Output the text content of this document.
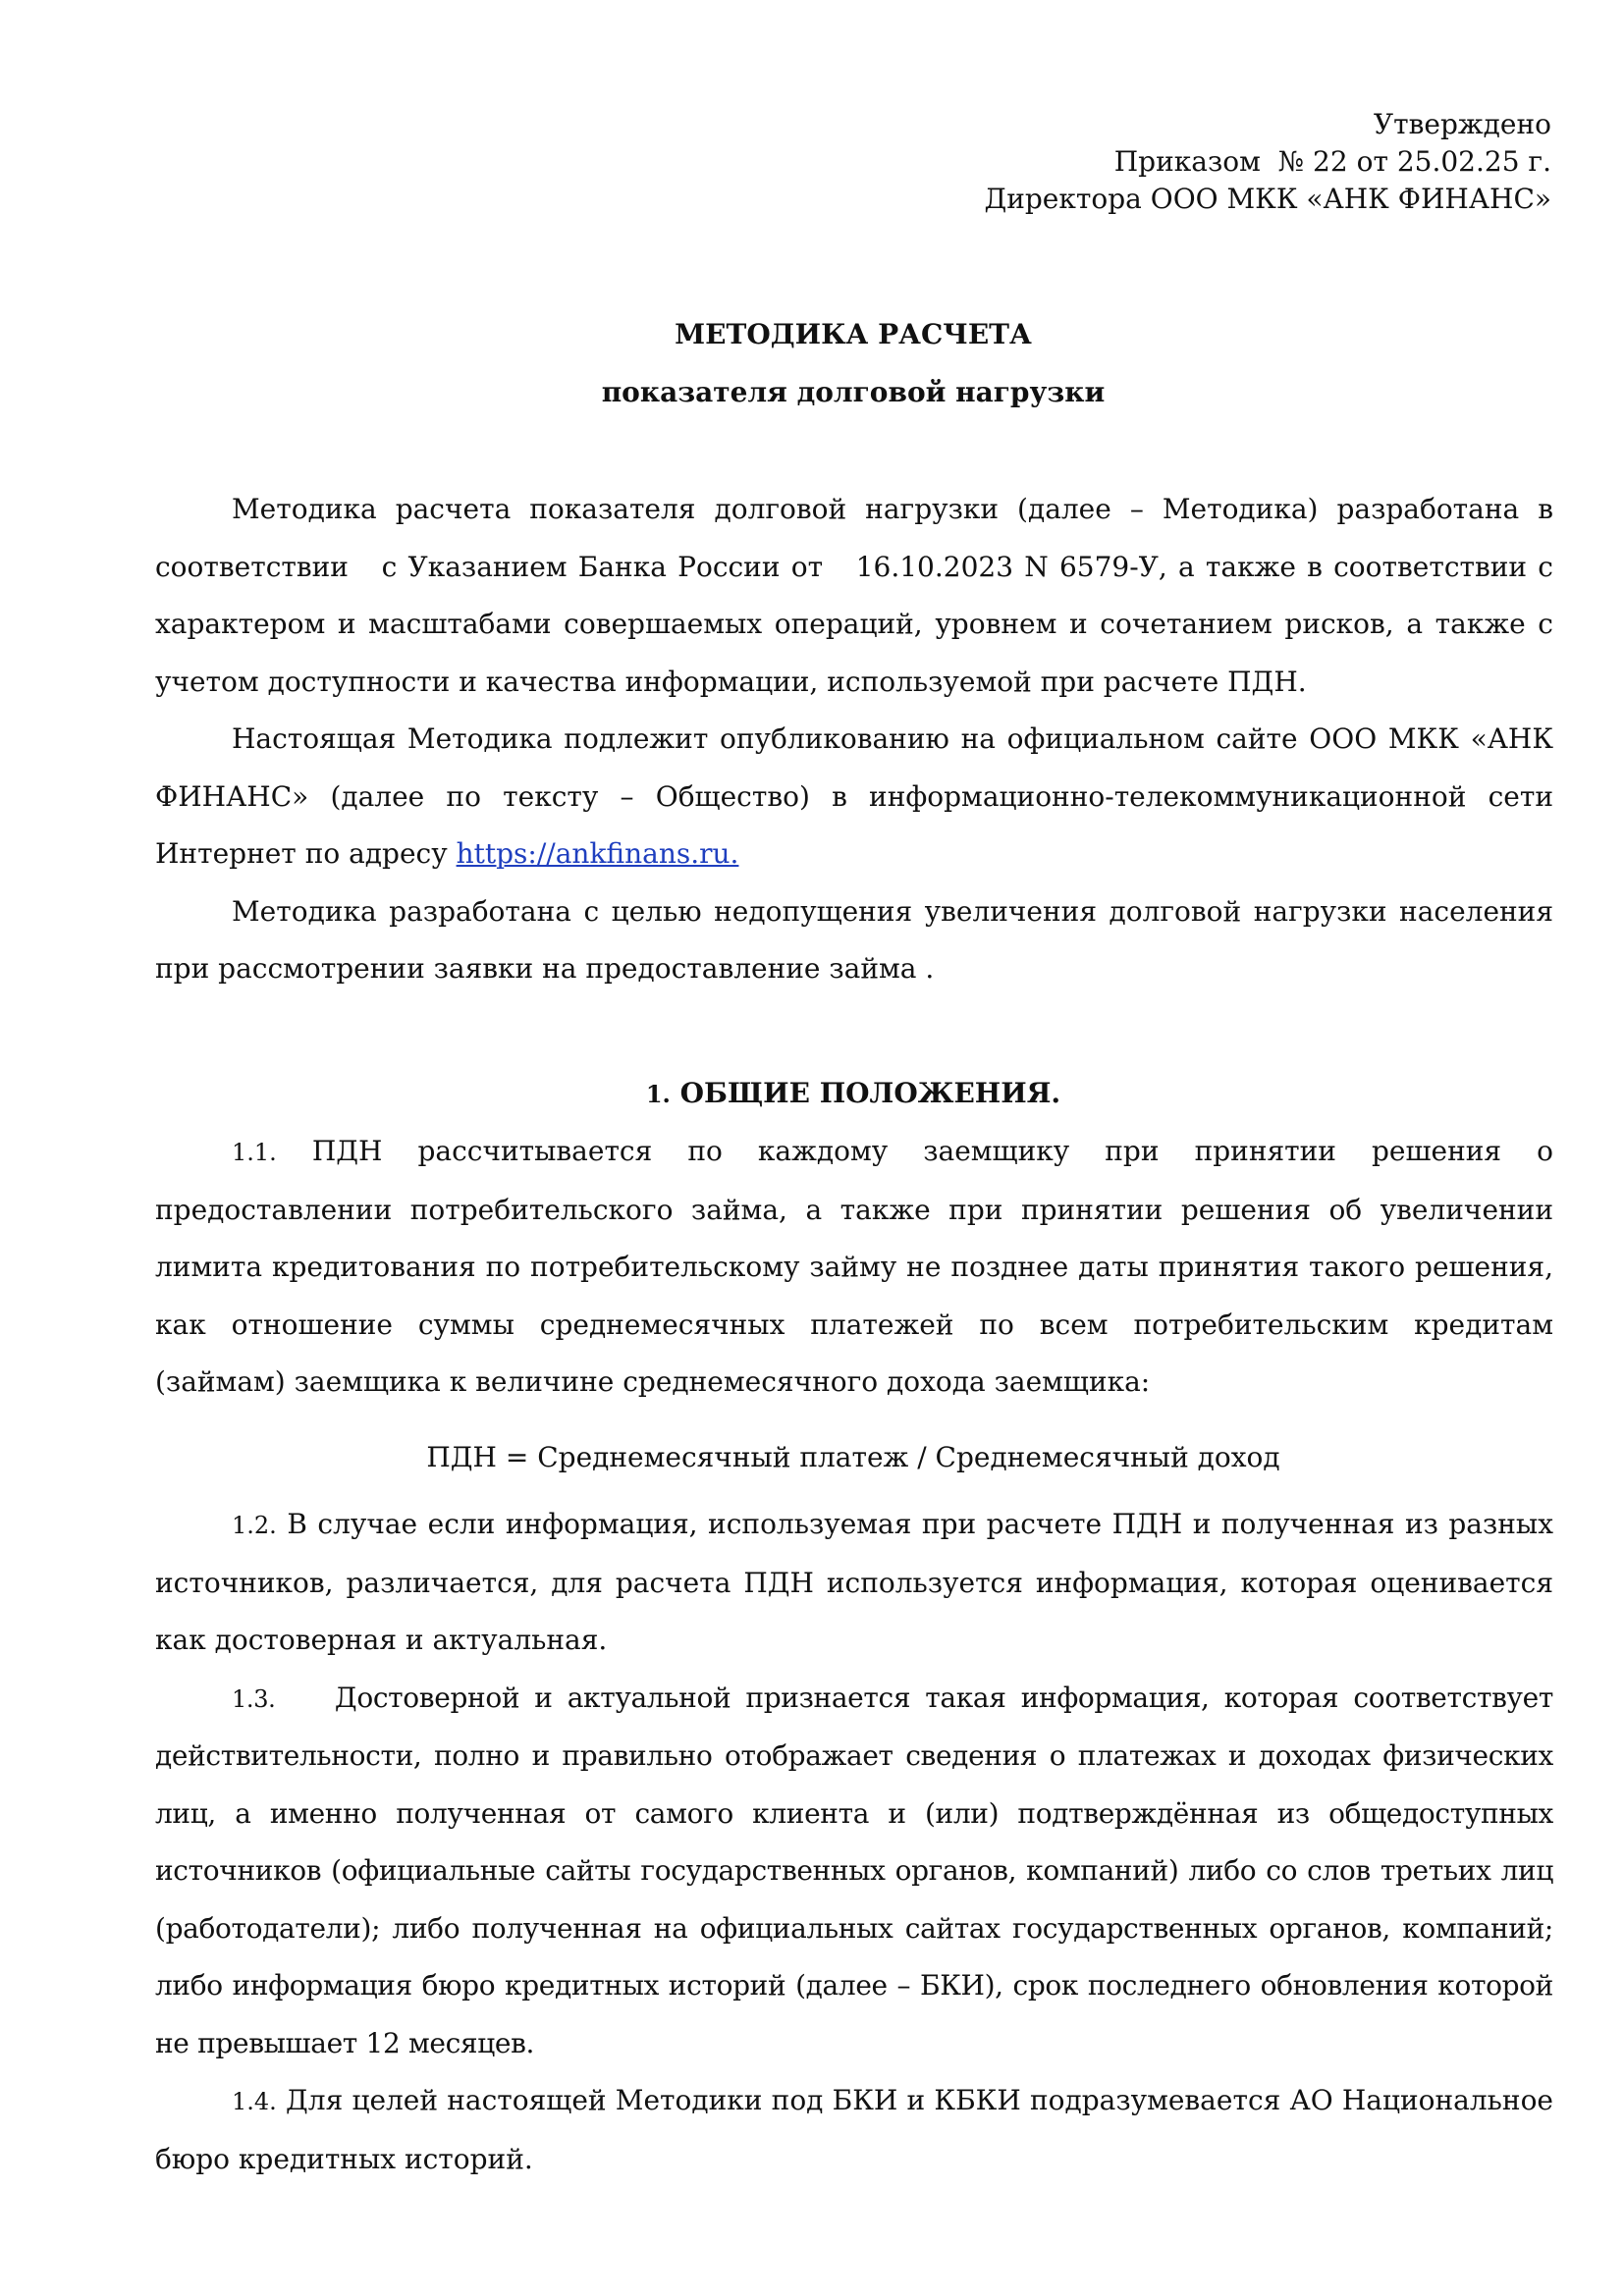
Утверждено
Приказом  № 22 от 25.02.25 г.
Директора ООО МКК «АНК ФИНАНС»
МЕТОДИКА РАСЧЕТА
показателя долговой нагрузки

Методика расчета показателя долговой нагрузки (далее – Методика) разработана в соответствии   с Указанием Банка России от   16.10.2023 N 6579-У, а также в соответствии с характером и масштабами совершаемых операций, уровнем и сочетанием рисков, а также с учетом доступности и качества информации, используемой при расчете ПДН.

Настоящая Методика подлежит опубликованию на официальном сайте ООО МКК «АНК ФИНАНС» (далее по тексту – Общество) в информационно-телекоммуникационной сети Интернет по адресу https://ankfinans.ru.

Методика разработана с целью недопущения увеличения долговой нагрузки населения при рассмотрении заявки на предоставление займа .

1. ОБЩИЕ ПОЛОЖЕНИЯ.

1.1. ПДН рассчитывается по каждому заемщику при принятии решения о предоставлении потребительского займа, а также при принятии решения об увеличении лимита кредитования по потребительскому займу не позднее даты принятия такого решения, как отношение суммы среднемесячных платежей по всем потребительским кредитам (займам) заемщика к величине среднемесячного дохода заемщика:

ПДН = Среднемесячный платеж / Среднемесячный доход

1.2. В случае если информация, используемая при расчете ПДН и полученная из разных источников, различается, для расчета ПДН используется информация, которая оценивается как достоверная и актуальная.

1.3. Достоверной и актуальной признается такая информация, которая соответствует действительности, полно и правильно отображает сведения о платежах и доходах физических лиц, а именно полученная от самого клиента и (или) подтверждённая из общедоступных источников (официальные сайты государственных органов, компаний) либо со слов третьих лиц (работодатели); либо полученная на официальных сайтах государственных органов, компаний; либо информация бюро кредитных историй (далее – БКИ), срок последнего обновления которой не превышает 12 месяцев.

1.4. Для целей настоящей Методики под БКИ и КБКИ подразумевается АО Национальное бюро кредитных историй.
